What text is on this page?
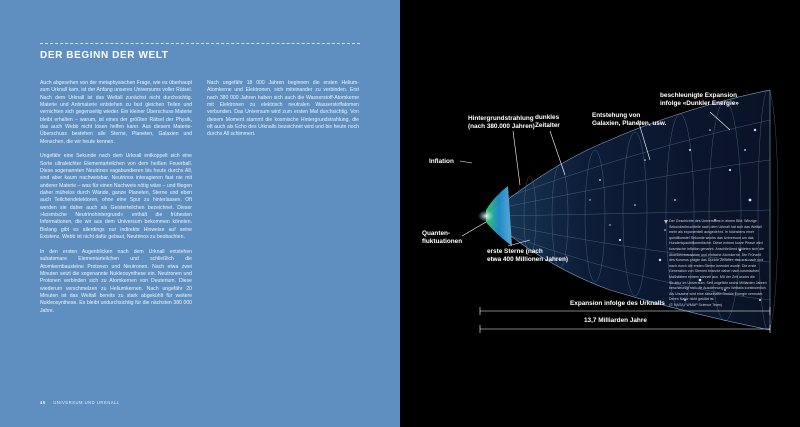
DER BEGINN DER WELT

Auch abgesehen von der metaphysischen Frage, wie es überhaupt zum Urknall kam, ist der Anfang unseres Universums voller Rätsel. Nach dem Urknall ist das Weltall zunächst nicht durchsichtig. Materie und Antimaterie entstehen zu fast gleichen Teilen und vernichten sich gegenseitig wieder. Ein kleiner Überschuss Materie bleibt erhalten – warum, ist eines der größten Rätsel der Physik, das auch Webb nicht lösen helfen kann. Aus diesem Materie-Überschuss bestehen alle Sterne, Planeten, Galaxien und Menschen, die wir heute kennen.

Ungefähr eine Sekunde nach dem Urknall entkoppelt sich eine Sorte ultraleichter Elementarteilchen von dem heißen Feuerball. Diese sogenannten Neutrinos vagabundieren bis heute durchs All, sind aber kaum nachweisbar. Neutrinos interagieren fast nie mit anderer Materie – was für einen Nachweis nötig wäre – und fliegen daher mühelos durch Wände, ganze Planeten, Sterne und eben auch Teilchendetektoren, ohne eine Spur zu hinterlassen. Oft werden sie daher auch als Geisterteilchen bezeichnet. Dieser »kosmische Neutrinohintergrund« enthält die frühesten Informationen, die wir aus dem Universum bekommen könnten. Bislang gibt es allerdings nur indirekte Hinweise auf seine Existenz. Webb ist nicht dafür gebaut, Neutrinos zu beobachten.

In den ersten Augenblicken nach dem Urknall entstehen subatomare Elementarteilchen und schließlich die Atomkernbausteine Protonen und Neutronen. Nach etwa zwei Minuten setzt die sogenannte Nukleosynthese ein. Neutronen und Protonen verbinden sich zu Atomkernen von Deuterium. Diese wiederum verschmelzen zu Heliumkernen. Nach ungefähr 20 Minuten ist das Weltall bereits zu stark abgekühlt für weitere Nukleosynthese. Es bleibt undurchsichtig für die nächsten 380 000 Jahre.

Nach ungefähr 18 000 Jahren beginnen die ersten Helium-Atomkerne und Elektronen, sich miteinander zu verbinden. Erst nach 380 000 Jahren haben sich auch die Wasserstoff-Atomkerne mit Elektronen zu elektrisch neutralen Wasserstoffatomen verbunden. Das Universum wird zum ersten Mal durchsichtig. Von diesem Moment stammt die kosmische Hintergrundstrahlung, die oft auch als Echo des Urknalls bezeichnet wird und bis heute noch durchs All schimmert.

46 UNIVERSUM UND URKNALL
beschleunigte Expansion
infolge «Dunkler Energie»
Entstehung von
Galaxien, Planeten, usw.
dunkles
Zeitalter
Hintergrundstrahlung
(nach 380.000 Jahren)
Inflation
Quanten-
fluktuationen
erste Sterne (nach
etwa 400 Millionen Jahren)
Expansion infolge des Urknalls
13,7 Milliarden Jahre
Der Geschichte des Universums in einem Bild: Winzige Sekundenbruchteile nach dem Urknall hat sich das Weltall mehr als exponentiell ausgedehnt. In höchstens einer quintillionstel Sekunde wuchs das Universum um das Hundertquadrillionenfache. Diese extrem kurze Phase wird kosmische Inflation genannt. Anschließend bildeten sich die Atomkernbausteine und einfache Atomkerne. Die Frühzeit des Kosmos prägte das Dunkle Zeitalter, das erst nach und nach durch die ersten Sterne beendet wurde. Die erste Generation von Sternen brannte daher nach kosmischen Maßstäben extrem schnell aus. Mit der Zeit wuchs die Struktur im Universum. Seit ungefähr sechs Milliarden Jahren beschleunigt sich die Ausdehnung des Weltalls kontinuierlich. Als Ursache wird eine rätselhafte Dunkle Energie vermutet. Deren Natur nicht geklärt ist.
(© NASA / WMAP Science Team)
